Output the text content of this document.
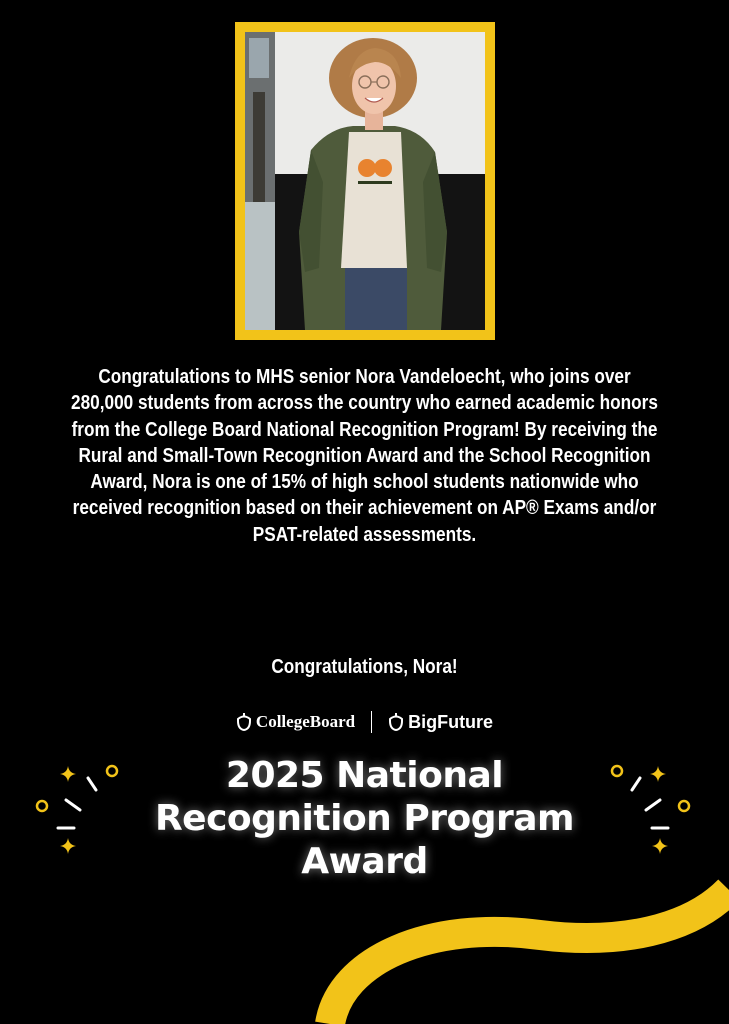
Congratulations to MHS senior Nora Vandeloecht, who joins over 280,000 students from across the country who earned academic honors from the College Board National Recognition Program! By receiving the Rural and Small-Town Recognition Award and the School Recognition Award, Nora is one of 15% of high school students nationwide who received recognition based on their achievement on AP® Exams and/or PSAT-related assessments.

Congratulations, Nora!
CollegeBoard	BigFuture
2025 National
Recognition Program
Award
